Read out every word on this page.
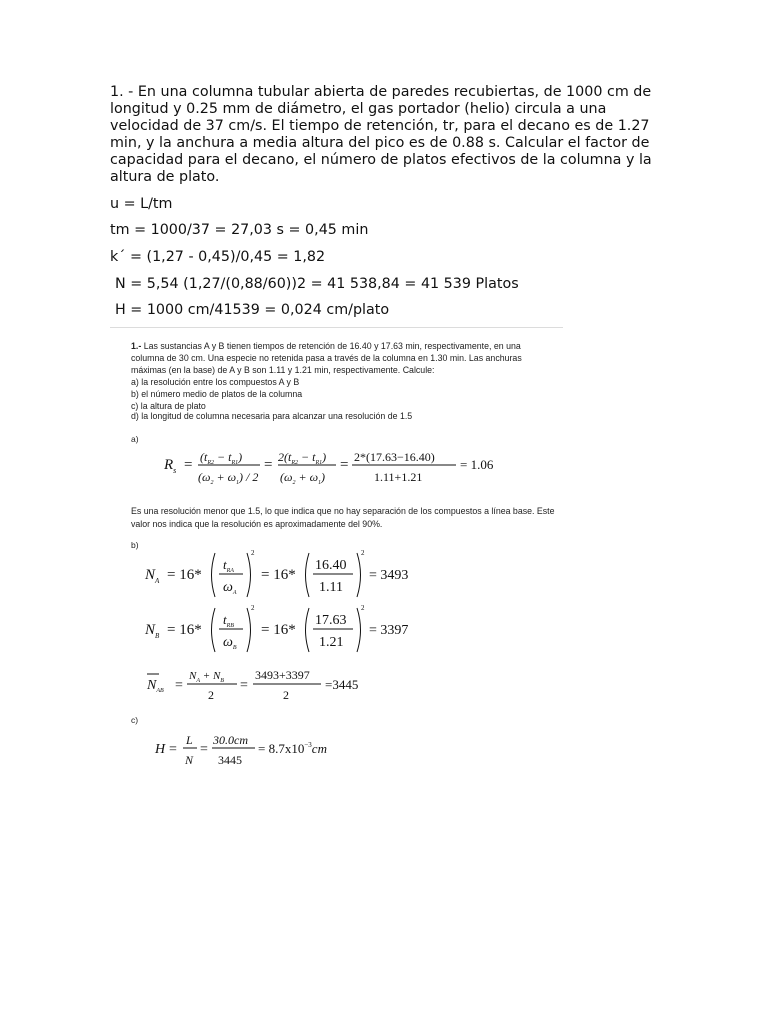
1. - En una columna tubular abierta de paredes recubiertas, de 1000 cm de longitud y 0.25 mm de diámetro, el gas portador (helio) circula a una velocidad de 37 cm/s. El tiempo de retención, tr, para el decano es de 1.27 min, y la anchura a media altura del pico es de 0.88 s. Calcular el factor de capacidad para el decano, el número de platos efectivos de la columna y la altura de plato.
u = L/tm
tm = 1000/37 = 27,03 s = 0,45 min
k´ = (1,27 - 0,45)/0,45 = 1,82
N = 5,54 (1,27/(0,88/60))2 = 41 538,84 = 41 539 Platos
H = 1000 cm/41539 = 0,024 cm/plato
1.- Las sustancias A y B tienen tiempos de retención de 16.40 y 17.63 min, respectivamente, en una
columna de 30 cm. Una especie no retenida pasa a través de la columna en 1.30 min. Las anchuras
máximas (en la base) de A y B son 1.11 y 1.21 min, respectivamente. Calcule:
a) la resolución entre los compuestos A y B
b) el número medio de platos de la columna
c) la altura de plato
d) la longitud de columna necesaria para alcanzar una resolución de 1.5
a)
$R_s = (t_{R2} - t_{R1})$
$(\omega_2 + \omega_1) / 2$
= $2(t_{R2} - t_{R1})$
$(\omega_2 + \omega_1)$
= 2*(17.63−16.40)
1.11+1.21
= 1.06
Es una resolución menor que 1.5, lo que indica que no hay separación de los compuestos a línea base. Este valor nos indica que la resolución es aproximadamente del 90%.
b)
$N_A = 16*$
$t_{RA}$
$\omega_A$
2
= 16*
16.40
1.11
2
= 3493
$N_B = 16*$
$t_{RB}$
$\omega_B$
2
= 16*
17.63
1.21
2
= 3397
$N_{AB}$ =
$N_A + N_B$
2
=
3493+3397
2
=3445
c)
H =
L
N
=
30.0cm
3445
= $8.7x10^{-3}cm$
